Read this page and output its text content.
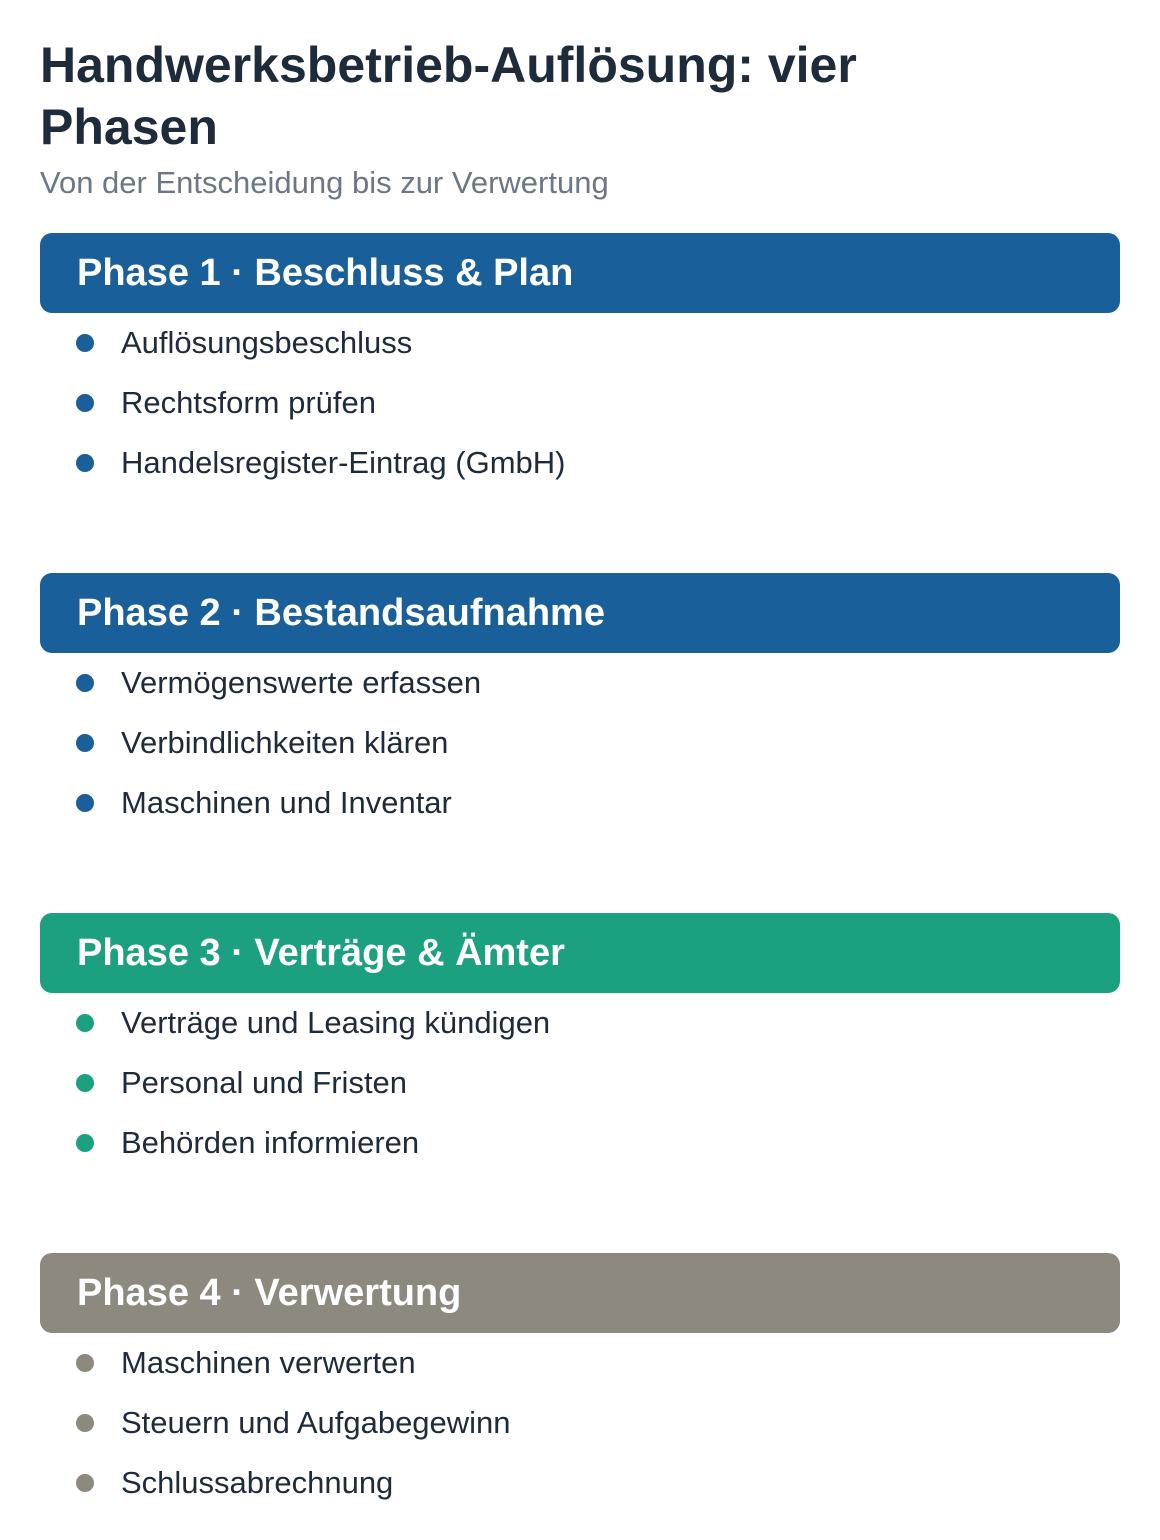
Handwerksbetrieb-Auflösung: vier Phasen

Von der Entscheidung bis zur Verwertung

Phase 1 · Beschluss & Plan
Auflösungsbeschluss
Rechtsform prüfen
Handelsregister-Eintrag (GmbH)
Phase 2 · Bestandsaufnahme
Vermögenswerte erfassen
Verbindlichkeiten klären
Maschinen und Inventar
Phase 3 · Verträge & Ämter
Verträge und Leasing kündigen
Personal und Fristen
Behörden informieren
Phase 4 · Verwertung
Maschinen verwerten
Steuern und Aufgabegewinn
Schlussabrechnung
